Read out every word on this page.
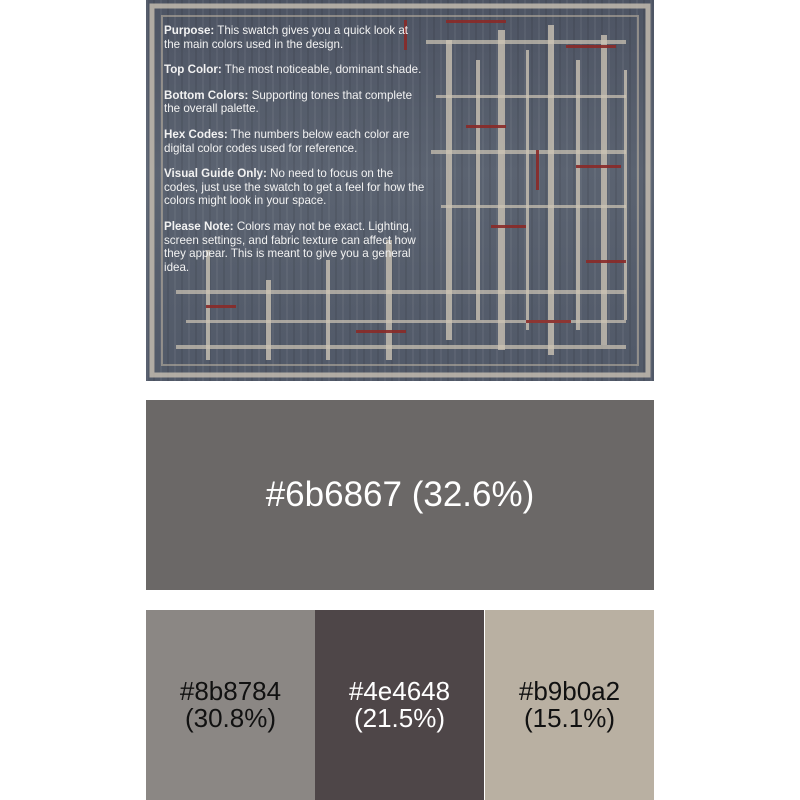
Purpose: This swatch gives you a quick look at the main colors used in the design.

Top Color: The most noticeable, dominant shade.

Bottom Colors: Supporting tones that complete the overall palette.

Hex Codes: The numbers below each color are digital color codes used for reference.

Visual Guide Only: No need to focus on the codes, just use the swatch to get a feel for how the colors might look in your space.

Please Note: Colors may not be exact. Lighting, screen settings, and fabric texture can affect how they appear. This is meant to give you a general idea.

#6b6867 (32.6%)
#8b8784
(30.8%)
#4e4648
(21.5%)
#b9b0a2
(15.1%)
